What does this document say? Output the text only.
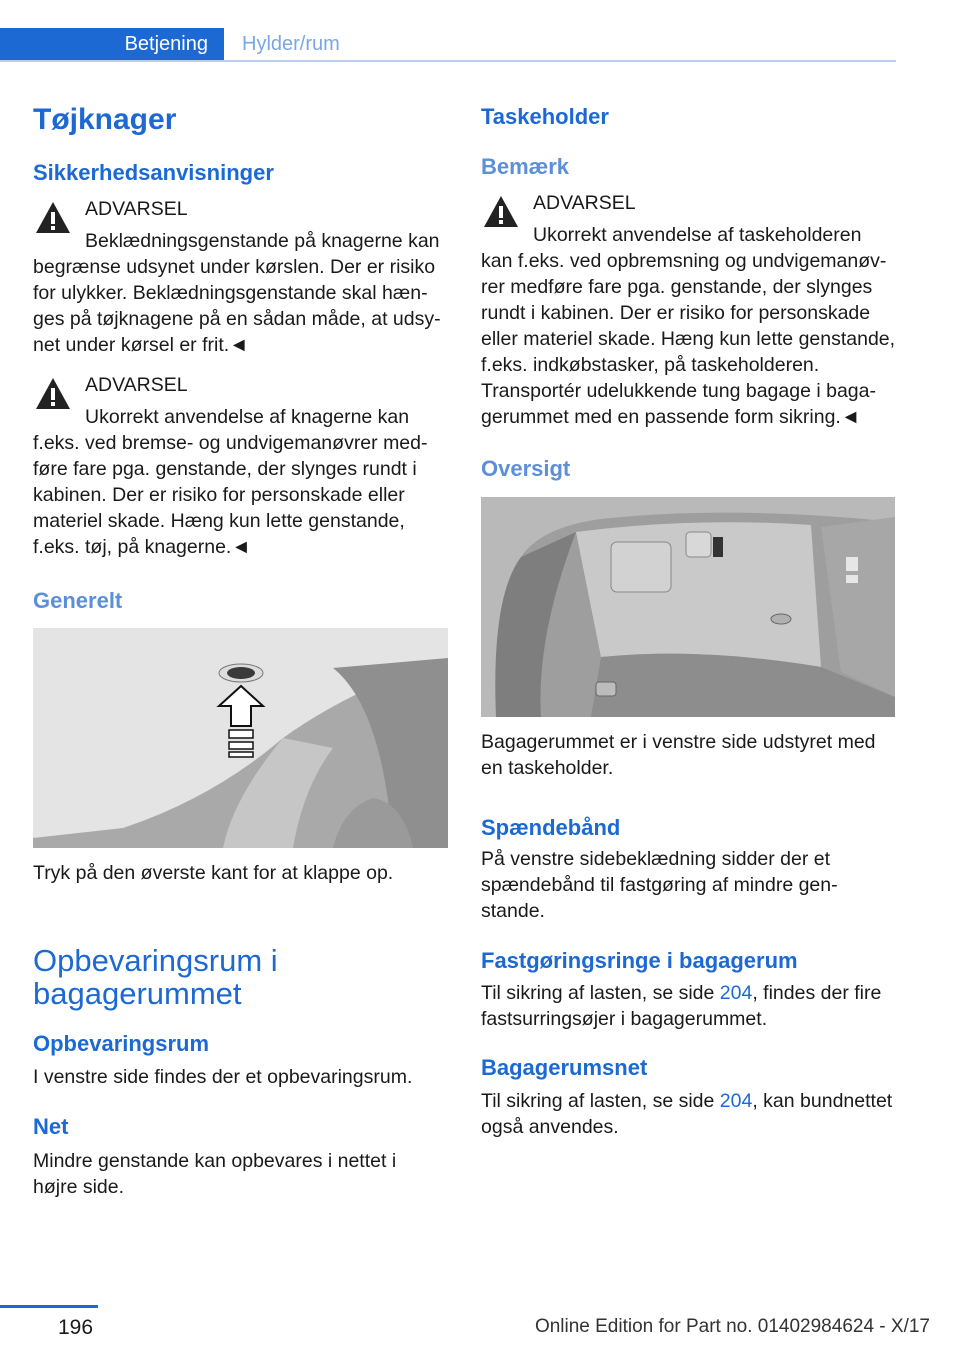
Betjening	Hylder/rum
Tøjknager
Sikkerhedsanvisninger
ADVARSEL

Beklædningsgenstande på knagerne kan

begrænse udsynet under kørslen. Der er risiko for ulykker. Beklædningsgenstande skal hænges på tøjknagene på en sådan måde, at udsynet under kørsel er frit.◄

ADVARSEL

Ukorrekt anvendelse af knagerne kan

f.eks. ved bremse- og undvigemanøvrer medføre fare pga. genstande, der slynges rundt i kabinen. Der er risiko for personskade eller materiel skade. Hæng kun lette genstande, f.eks. tøj, på knagerne.◄

Generelt

Tryk på den øverste kant for at klappe op.

Opbevaringsrum i bagagerummet
Opbevaringsrum

I venstre side findes der et opbevaringsrum.

Net

Mindre genstande kan opbevares i nettet i højre side.

Taskeholder
Bemærk
ADVARSEL

Ukorrekt anvendelse af taskeholderen

kan f.eks. ved opbremsning og undvigemanøvrer medføre fare pga. genstande, der slynges rundt i kabinen. Der er risiko for personskade eller materiel skade. Hæng kun lette genstande, f.eks. indkøbstasker, på taskeholderen. Transportér udelukkende tung bagage i bagagerummet med en passende form sikring.◄

Oversigt

Bagagerummet er i venstre side udstyret med en taskeholder.

Spændebånd

På venstre sidebeklædning sidder der et spændebånd til fastgøring af mindre genstande.

Fastgøringsringe i bagagerum

Til sikring af lasten, se side 204, findes der fire fastsurringsøjer i bagagerummet.

Bagagerumsnet

Til sikring af lasten, se side 204, kan bundnettet også anvendes.

196	Online Edition for Part no. 01402984624 - X/17
